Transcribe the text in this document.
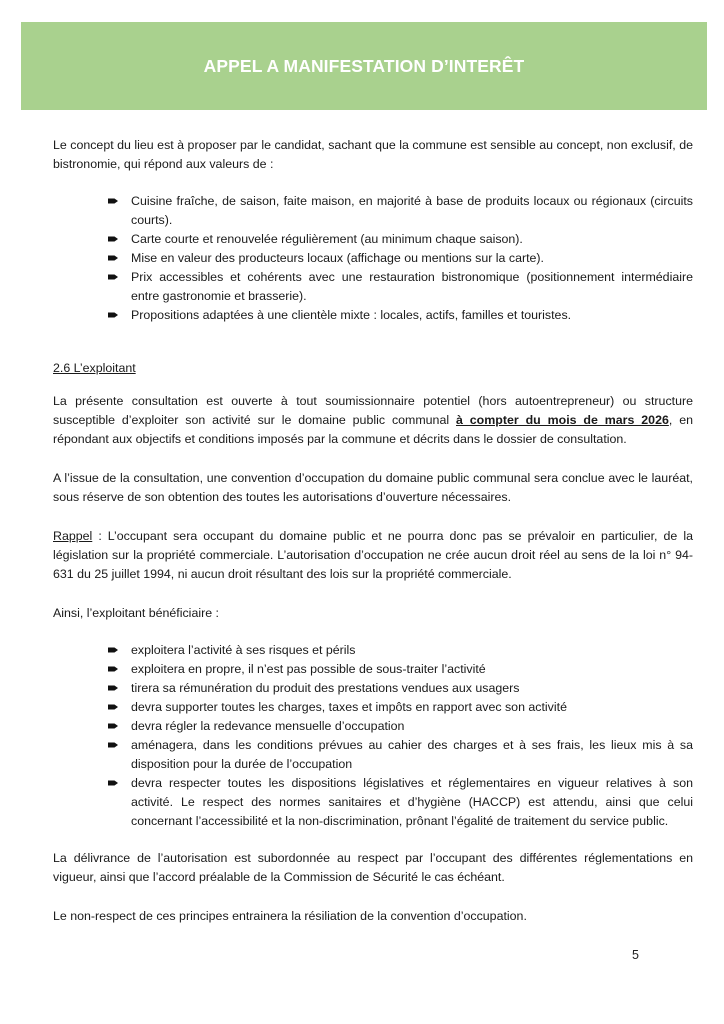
APPEL A MANIFESTATION D’INTERÊT

Le concept du lieu est à proposer par le candidat, sachant que la commune est sensible au concept, non exclusif, de bistronomie, qui répond aux valeurs de :

Cuisine fraîche, de saison, faite maison, en majorité à base de produits locaux ou régionaux (circuits courts).
Carte courte et renouvelée régulièrement (au minimum chaque saison).
Mise en valeur des producteurs locaux (affichage ou mentions sur la carte).
Prix accessibles et cohérents avec une restauration bistronomique (positionnement intermédiaire entre gastronomie et brasserie).
Propositions adaptées à une clientèle mixte : locales, actifs, familles et touristes.

2.6 L’exploitant

La présente consultation est ouverte à tout soumissionnaire potentiel (hors autoentrepreneur) ou structure susceptible d’exploiter son activité sur le domaine public communal à compter du mois de mars 2026, en répondant aux objectifs et conditions imposés par la commune et décrits dans le dossier de consultation.

A l’issue de la consultation, une convention d’occupation du domaine public communal sera conclue avec le lauréat, sous réserve de son obtention des toutes les autorisations d’ouverture nécessaires.

Rappel : L’occupant sera occupant du domaine public et ne pourra donc pas se prévaloir en particulier, de la législation sur la propriété commerciale. L’autorisation d’occupation ne crée aucun droit réel au sens de la loi n° 94-631 du 25 juillet 1994, ni aucun droit résultant des lois sur la propriété commerciale.

Ainsi, l’exploitant bénéficiaire :

exploitera l’activité à ses risques et périls
exploitera en propre, il n’est pas possible de sous-traiter l’activité
tirera sa rémunération du produit des prestations vendues aux usagers
devra supporter toutes les charges, taxes et impôts en rapport avec son activité
devra régler la redevance mensuelle d’occupation
aménagera, dans les conditions prévues au cahier des charges et à ses frais, les lieux mis à sa disposition pour la durée de l’occupation
devra respecter toutes les dispositions législatives et réglementaires en vigueur relatives à son activité. Le respect des normes sanitaires et d’hygiène (HACCP) est attendu, ainsi que celui concernant l’accessibilité et la non-discrimination, prônant l’égalité de traitement du service public.

La délivrance de l’autorisation est subordonnée au respect par l’occupant des différentes réglementations en vigueur, ainsi que l’accord préalable de la Commission de Sécurité le cas échéant.

Le non-respect de ces principes entrainera la résiliation de la convention d’occupation.

5
